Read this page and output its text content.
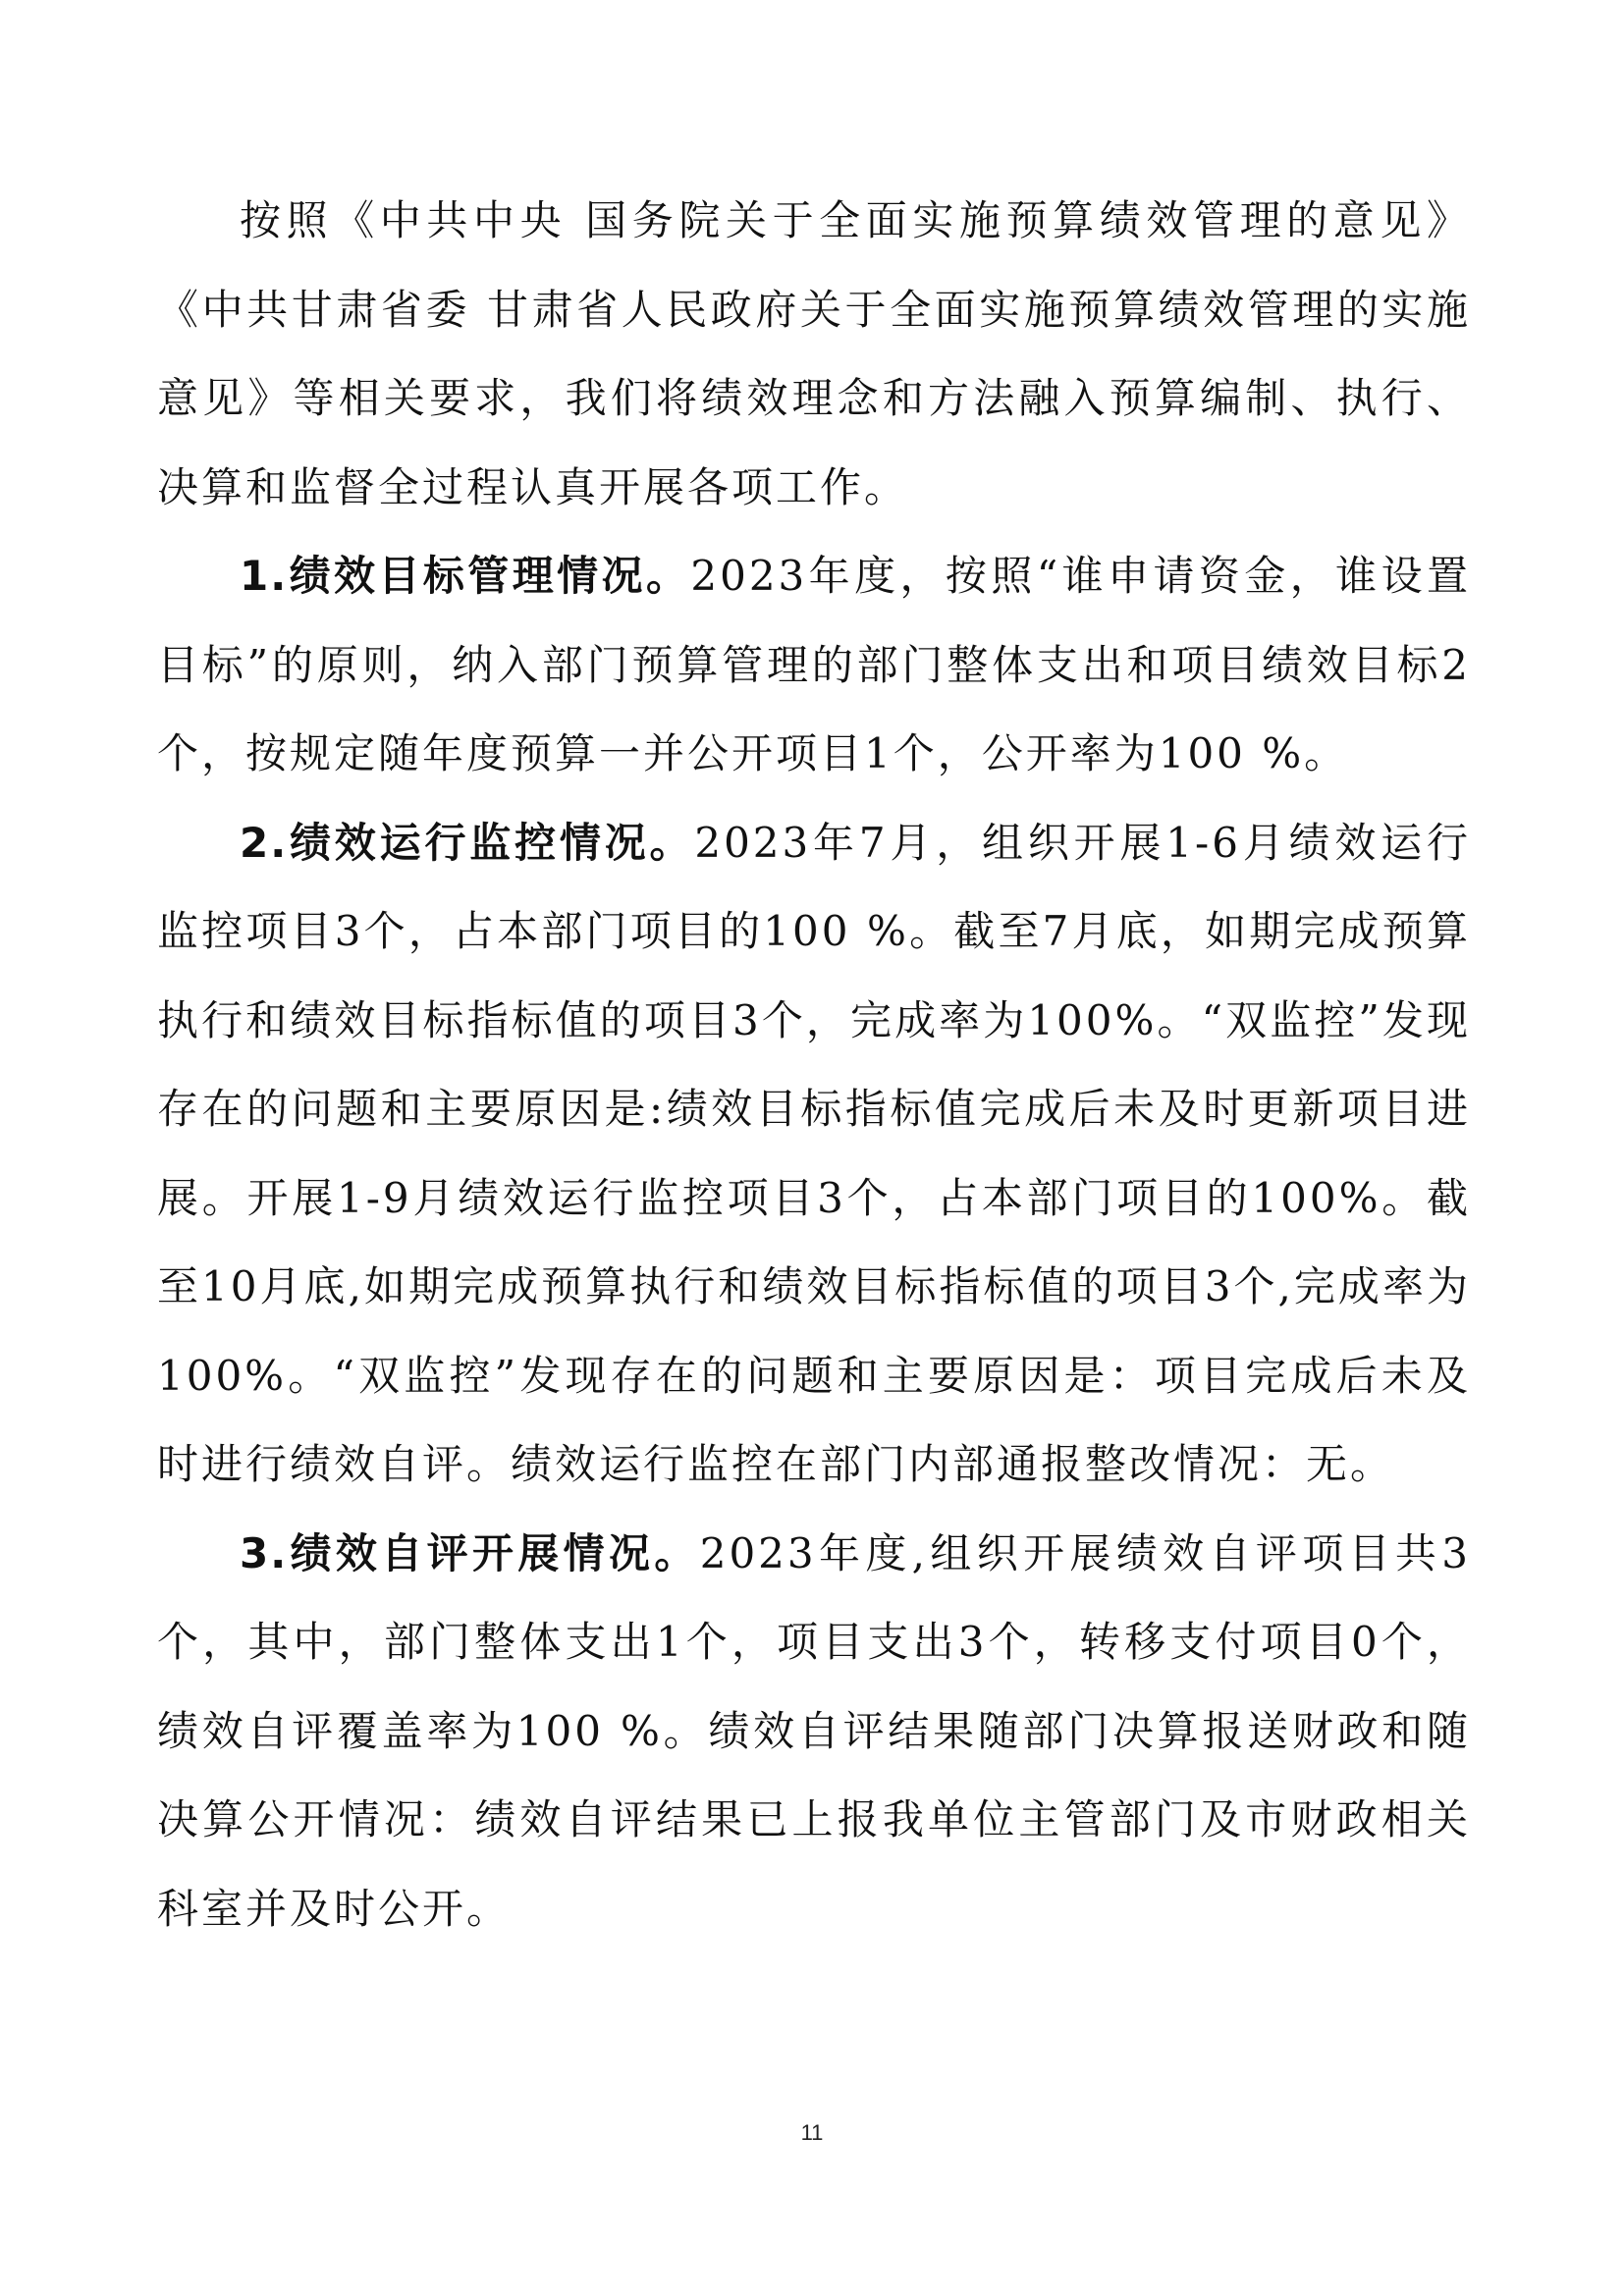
按照《中共中央 国务院关于全面实施预算绩效管理的意见》《中共甘肃省委 甘肃省人民政府关于全面实施预算绩效管理的实施意见》等相关要求，我们将绩效理念和方法融入预算编制、执行、决算和监督全过程认真开展各项工作。

1.绩效目标管理情况。2023年度，按照“谁申请资金，谁设置目标”的原则，纳入部门预算管理的部门整体支出和项目绩效目标2个，按规定随年度预算一并公开项目1个，公开率为100 %。

2.绩效运行监控情况。2023年7月，组织开展1-6月绩效运行监控项目3个，占本部门项目的100 %。截至7月底，如期完成预算执行和绩效目标指标值的项目3个，完成率为100%。“双监控”发现存在的问题和主要原因是:绩效目标指标值完成后未及时更新项目进展。开展1-9月绩效运行监控项目3个，占本部门项目的100%。截至10月底,如期完成预算执行和绩效目标指标值的项目3个,完成率为100%。“双监控”发现存在的问题和主要原因是：项目完成后未及时进行绩效自评。绩效运行监控在部门内部通报整改情况：无。

3.绩效自评开展情况。2023年度,组织开展绩效自评项目共3个，其中，部门整体支出1个，项目支出3个，转移支付项目0个，绩效自评覆盖率为100 %。绩效自评结果随部门决算报送财政和随决算公开情况：绩效自评结果已上报我单位主管部门及市财政相关科室并及时公开。

11
